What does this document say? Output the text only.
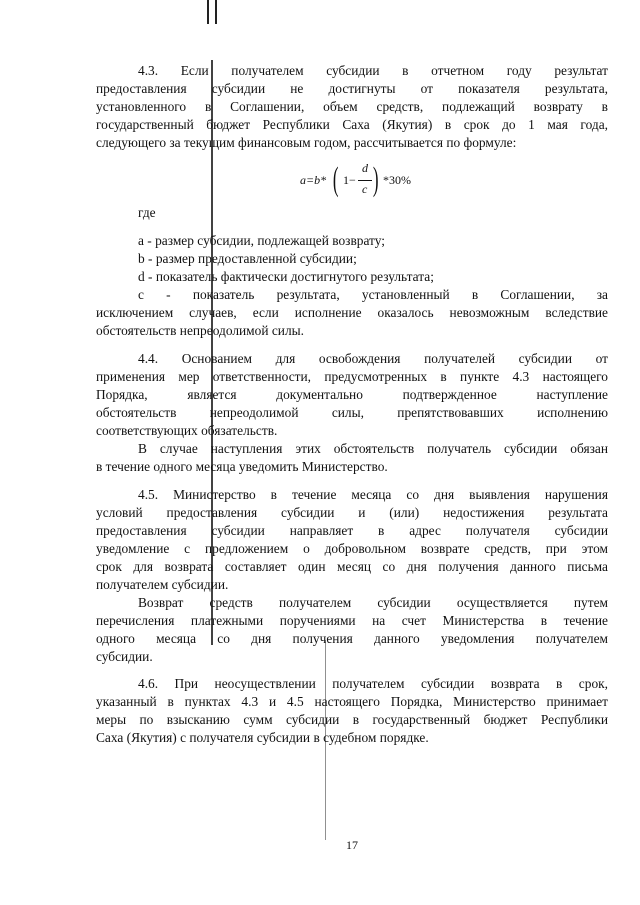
4.3. Если получателем субсидии в отчетном году результат
предоставления субсидии не достигнуты от показателя результата,
установленного в Соглашении, объем средств, подлежащий возврату в
государственный бюджет Республики Саха (Якутия) в срок до 1 мая года,
следующего за текущим финансовым годом, рассчитывается по формуле:
a=b* ( 1−
d
c ) *30%
где
а - размер субсидии, подлежащей возврату;
b - размер предоставленной субсидии;
d - показатель фактически достигнутого результата;
с - показатель результата, установленный в Соглашении, за
исключением случаев, если исполнение оказалось невозможным вследствие
обстоятельств непреодолимой силы.
4.4. Основанием для освобождения получателей субсидии от
применения мер ответственности, предусмотренных в пункте 4.3 настоящего
Порядка, является документально подтвержденное наступление
обстоятельств непреодолимой силы, препятствовавших исполнению
соответствующих обязательств.
В случае наступления этих обстоятельств получатель субсидии обязан
в течение одного месяца уведомить Министерство.
4.5. Министерство в течение месяца со дня выявления нарушения
условий предоставления субсидии и (или) недостижения результата
предоставления субсидии направляет в адрес получателя субсидии
уведомление с предложением о добровольном возврате средств, при этом
срок для возврата составляет один месяц со дня получения данного письма
получателем субсидии.
Возврат средств получателем субсидии осуществляется путем
перечисления платежными поручениями на счет Министерства в течение
одного месяца со дня получения данного уведомления получателем
субсидии.
4.6. При неосуществлении получателем субсидии возврата в срок,
указанный в пунктах 4.3 и 4.5 настоящего Порядка, Министерство принимает
меры по взысканию сумм субсидии в государственный бюджет Республики
Саха (Якутия) с получателя субсидии в судебном порядке.
17
